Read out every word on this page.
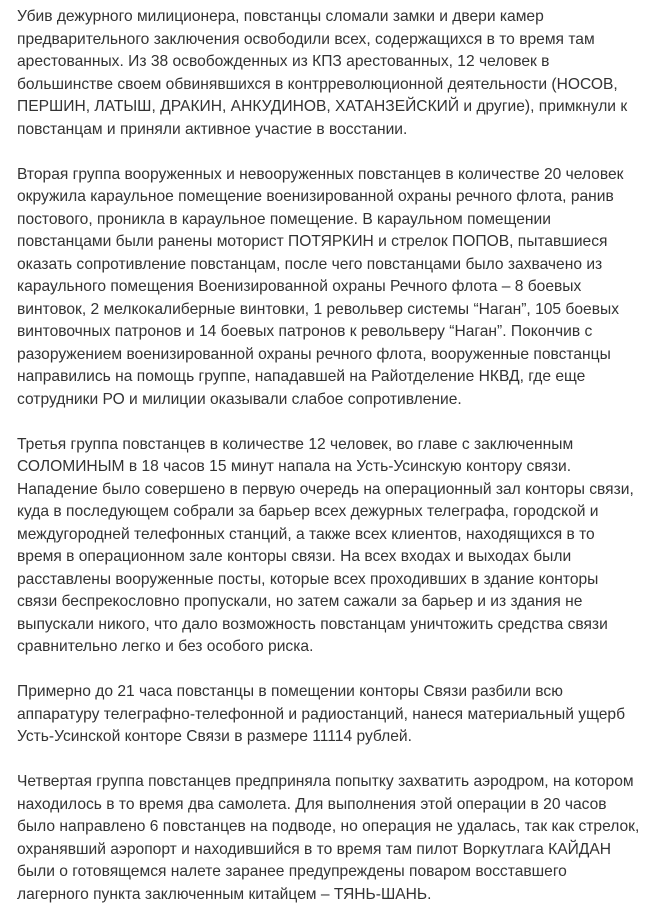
Убив дежурного милиционера, повстанцы сломали замки и двери камер предварительного заключения освободили всех, содержащихся в то время там арестованных. Из 38 освобожденных из КПЗ арестованных, 12 человек в большинстве своем обвинявшихся в контрреволюционной деятельности (НОСОВ, ПЕРШИН, ЛАТЫШ, ДРАКИН, АНКУДИНОВ, ХАТАНЗЕЙСКИЙ и другие), примкнули к повстанцам и приняли активное участие в восстании.

Вторая группа вооруженных и невооруженных повстанцев в количестве 20 человек окружила караульное помещение военизированной охраны речного флота, ранив постового, проникла в караульное помещение. В караульном помещении повстанцами были ранены моторист ПОТЯРКИН и стрелок ПОПОВ, пытавшиеся оказать сопротивление повстанцам, после чего повстанцами было захвачено из караульного помещения Военизированной охраны Речного флота – 8 боевых винтовок, 2 мелкокалиберные винтовки, 1 револьвер системы “Наган”, 105 боевых винтовочных патронов и 14 боевых патронов к револьверу “Наган”. Покончив с разоружением военизированной охраны речного флота, вооруженные повстанцы направились на помощь группе, нападавшей на Райотделение НКВД, где еще сотрудники РО и милиции оказывали слабое сопротивление.

Третья группа повстанцев в количестве 12 человек, во главе с заключенным СОЛОМИНЫМ в 18 часов 15 минут напала на Усть-Усинскую контору связи. Нападение было совершено в первую очередь на операционный зал конторы связи, куда в последующем собрали за барьер всех дежурных телеграфа, городской и междугородней телефонных станций, а также всех клиентов, находящихся в то время в операционном зале конторы связи. На всех входах и выходах были расставлены вооруженные посты, которые всех проходивших в здание конторы связи беспрекословно пропускали, но затем сажали за барьер и из здания не выпускали никого, что дало возможность повстанцам уничтожить средства связи сравнительно легко и без особого риска.

Примерно до 21 часа повстанцы в помещении конторы Связи разбили всю аппаратуру телеграфно-телефонной и радиостанций, нанеся материальный ущерб Усть-Усинской конторе Связи в размере 11114 рублей.

Четвертая группа повстанцев предприняла попытку захватить аэродром, на котором находилось в то время два самолета. Для выполнения этой операции в 20 часов было направлено 6 повстанцев на подводе, но операция не удалась, так как стрелок, охранявший аэропорт и находившийся в то время там пилот Воркутлага КАЙДАН были о готовящемся налете заранее предупреждены поваром восставшего лагерного пункта заключенным китайцем – ТЯНЬ-ШАНЬ.
